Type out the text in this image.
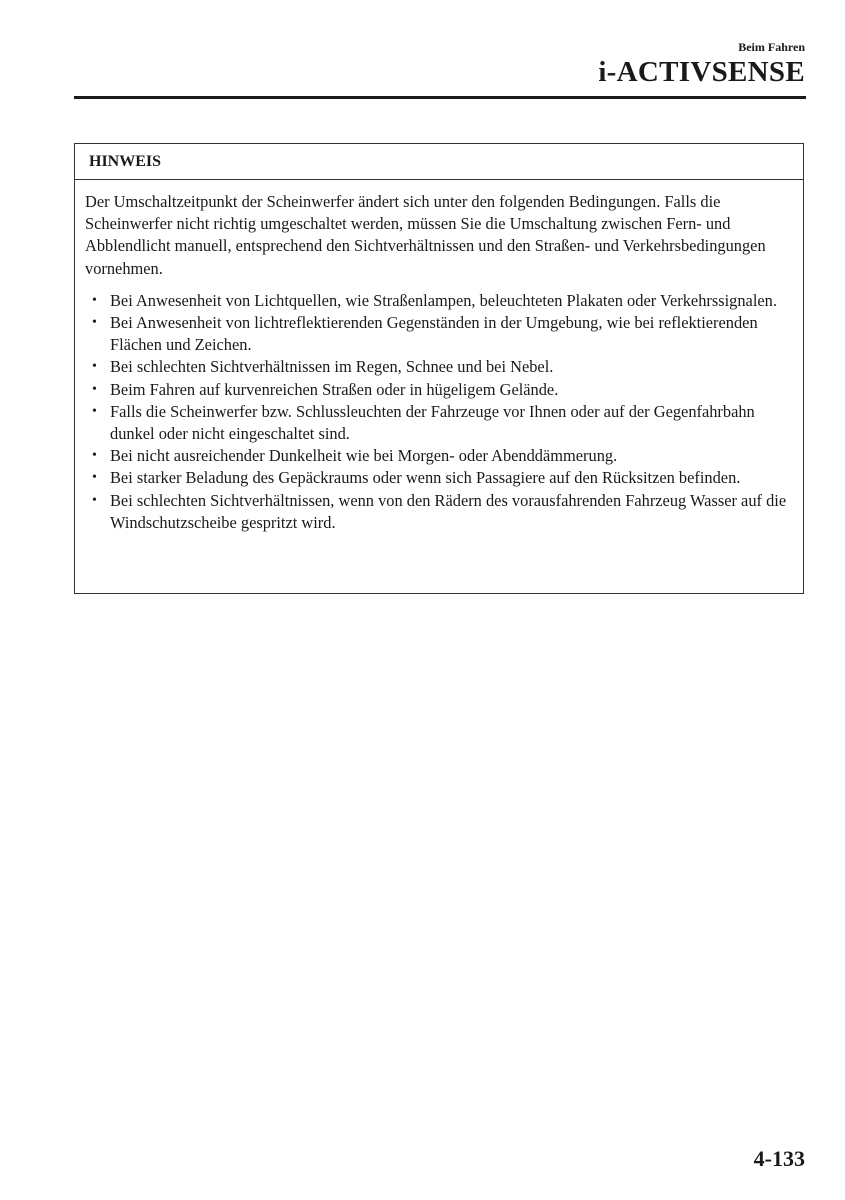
Beim Fahren
i-ACTIVSENSE
HINWEIS

Der Umschaltzeitpunkt der Scheinwerfer ändert sich unter den folgenden Bedingungen. Falls die Scheinwerfer nicht richtig umgeschaltet werden, müssen Sie die Umschaltung zwischen Fern- und Abblendlicht manuell, entsprechend den Sichtverhältnissen und den Straßen- und Verkehrsbedingungen vornehmen.

• Bei Anwesenheit von Lichtquellen, wie Straßenlampen, beleuchteten Plakaten oder Verkehrssignalen.
• Bei Anwesenheit von lichtreflektierenden Gegenständen in der Umgebung, wie bei reflektierenden Flächen und Zeichen.
• Bei schlechten Sichtverhältnissen im Regen, Schnee und bei Nebel.
• Beim Fahren auf kurvenreichen Straßen oder in hügeligem Gelände.
• Falls die Scheinwerfer bzw. Schlussleuchten der Fahrzeuge vor Ihnen oder auf der Gegenfahrbahn dunkel oder nicht eingeschaltet sind.
• Bei nicht ausreichender Dunkelheit wie bei Morgen- oder Abenddämmerung.
• Bei starker Beladung des Gepäckraums oder wenn sich Passagiere auf den Rücksitzen befinden.
• Bei schlechten Sichtverhältnissen, wenn von den Rädern des vorausfahrenden Fahrzeug Wasser auf die Windschutzscheibe gespritzt wird.
4-133
